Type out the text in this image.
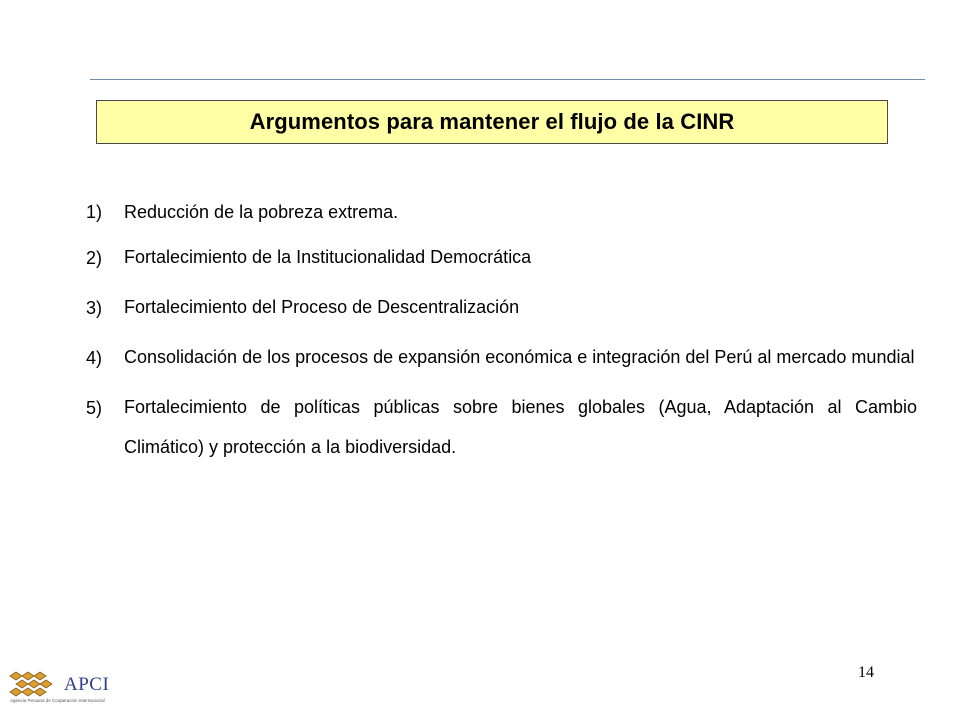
Argumentos para mantener el flujo de la CINR
1)	Reducción de la pobreza extrema.
2)	Fortalecimiento de la Institucionalidad Democrática
3)	Fortalecimiento del Proceso de Descentralización
4)	Consolidación de los procesos de expansión económica e integración del Perú al mercado mundial
5)	Fortalecimiento de políticas públicas sobre bienes globales (Agua, Adaptación al Cambio Climático) y protección a la biodiversidad.
14
APCI
Agencia Peruana de Cooperación Internacional
